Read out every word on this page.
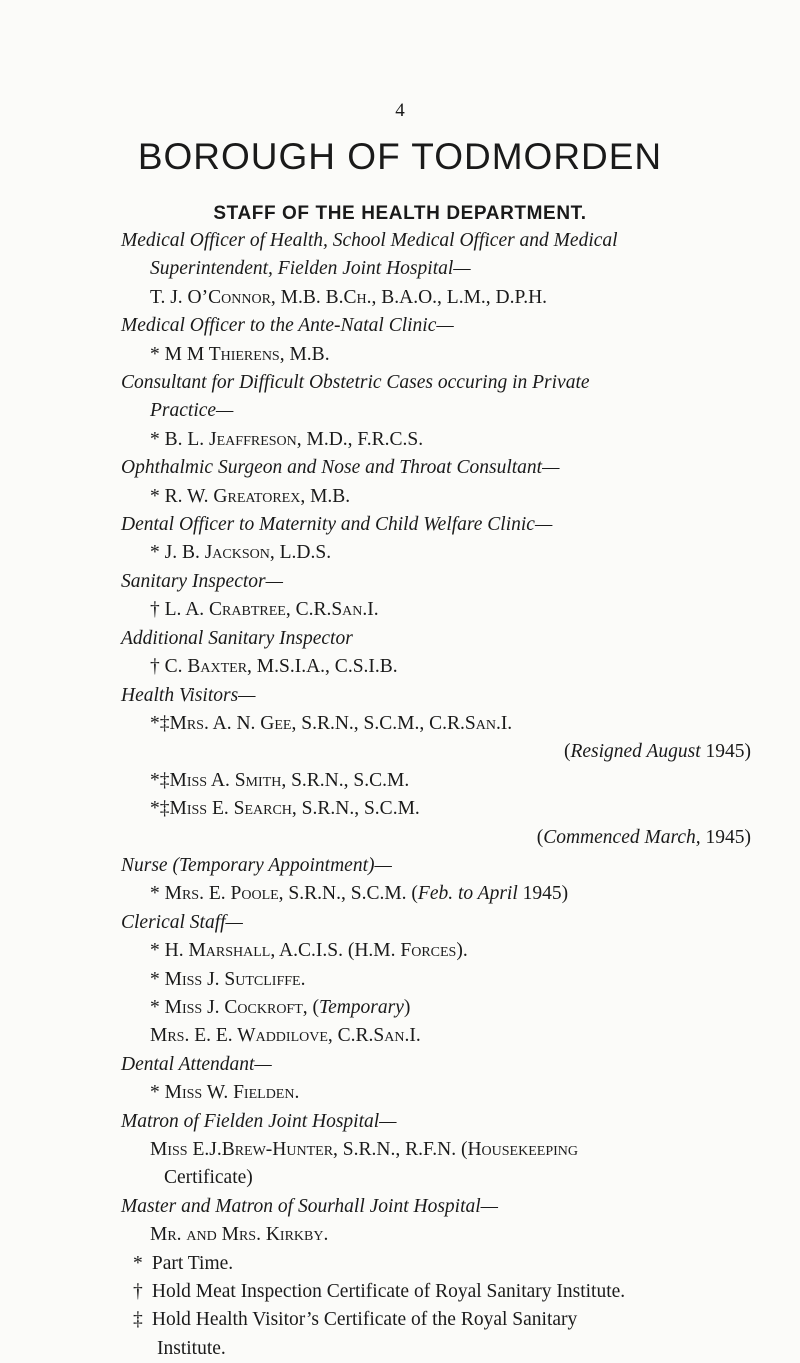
4
BOROUGH OF TODMORDEN
STAFF OF THE HEALTH DEPARTMENT.
Medical Officer of Health, School Medical Officer and Medical
Superintendent, Fielden Joint Hospital—
T. J. O’Connor, M.B. B.Ch., B.A.O., L.M., D.P.H.
Medical Officer to the Ante-Natal Clinic—
* M M Thierens, M.B.
Consultant for Difficult Obstetric Cases occuring in Private
Practice—
* B. L. Jeaffreson, M.D., F.R.C.S.
Ophthalmic Surgeon and Nose and Throat Consultant—
* R. W. Greatorex, M.B.
Dental Officer to Maternity and Child Welfare Clinic—
* J. B. Jackson, L.D.S.
Sanitary Inspector—
† L. A. Crabtree, C.R.San.I.
Additional Sanitary Inspector
† C. Baxter, M.S.I.A., C.S.I.B.
Health Visitors—
*‡Mrs. A. N. Gee, S.R.N., S.C.M., C.R.San.I.
(Resigned August 1945)
*‡Miss A. Smith, S.R.N., S.C.M.
*‡Miss E. Search, S.R.N., S.C.M.
(Commenced March, 1945)
Nurse (Temporary Appointment)—
* Mrs. E. Poole, S.R.N., S.C.M. (Feb. to April 1945)
Clerical Staff—
* H. Marshall, A.C.I.S. (H.M. Forces).
* Miss J. Sutcliffe.
* Miss J. Cockroft, (Temporary)
Mrs. E. E. Waddilove, C.R.San.I.
Dental Attendant—
* Miss W. Fielden.
Matron of Fielden Joint Hospital—
Miss E.J.Brew-Hunter, S.R.N., R.F.N. (Housekeeping
Certificate)
Master and Matron of Sourhall Joint Hospital—
Mr. and Mrs. Kirkby.
* Part Time.
† Hold Meat Inspection Certificate of Royal Sanitary Institute.
‡ Hold Health Visitor’s Certificate of the Royal Sanitary
Institute.
